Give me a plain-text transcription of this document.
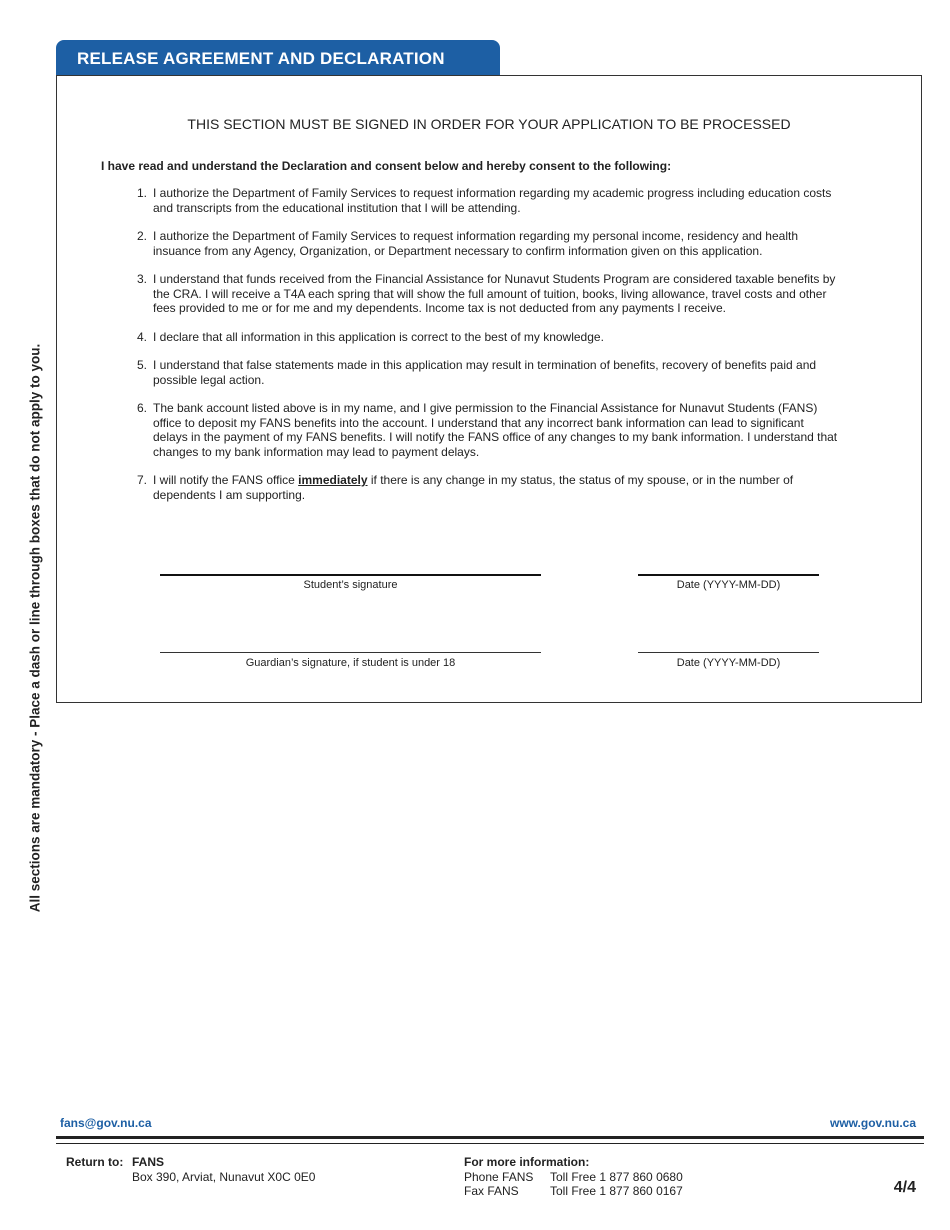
All sections are mandatory - Place a dash or line through boxes that do not apply to you.
RELEASE AGREEMENT AND DECLARATION
THIS SECTION MUST BE SIGNED IN ORDER FOR YOUR APPLICATION TO BE PROCESSED
I have read and understand the Declaration and consent below and hereby consent to the following:
1. I authorize the Department of Family Services to request information regarding my academic progress including education costs and transcripts from the educational institution that I will be attending.
2. I authorize the Department of Family Services to request information regarding my personal income, residency and health insuance from any Agency, Organization, or Department necessary to confirm information given on this application.
3. I understand that funds received from the Financial Assistance for Nunavut Students Program are considered taxable benefits by the CRA. I will receive a T4A each spring that will show the full amount of tuition, books, living allowance, travel costs and other fees provided to me or for me and my dependents. Income tax is not deducted from any payments I receive.
4. I declare that all information in this application is correct to the best of my knowledge.
5. I understand that false statements made in this application may result in termination of benefits, recovery of benefits paid and possible legal action.
6. The bank account listed above is in my name, and I give permission to the Financial Assistance for Nunavut Students (FANS) office to deposit my FANS benefits into the account. I understand that any incorrect bank information can lead to significant delays in the payment of my FANS benefits. I will notify the FANS office of any changes to my bank information. I understand that changes to my bank information may lead to payment delays.
7. I will notify the FANS office immediately if there is any change in my status, the status of my spouse, or in the number of dependents I am supporting.
Student’s signature	Date (YYYY-MM-DD)
Guardian’s signature, if student is under 18	Date (YYYY-MM-DD)
fans@gov.nu.ca	www.gov.nu.ca
Return to: FANS
Box 390, Arviat, Nunavut X0C 0E0
For more information:
Phone FANS Toll Free 1 877 860 0680
Fax FANS	Toll Free 1 877 860 0167	4/4
